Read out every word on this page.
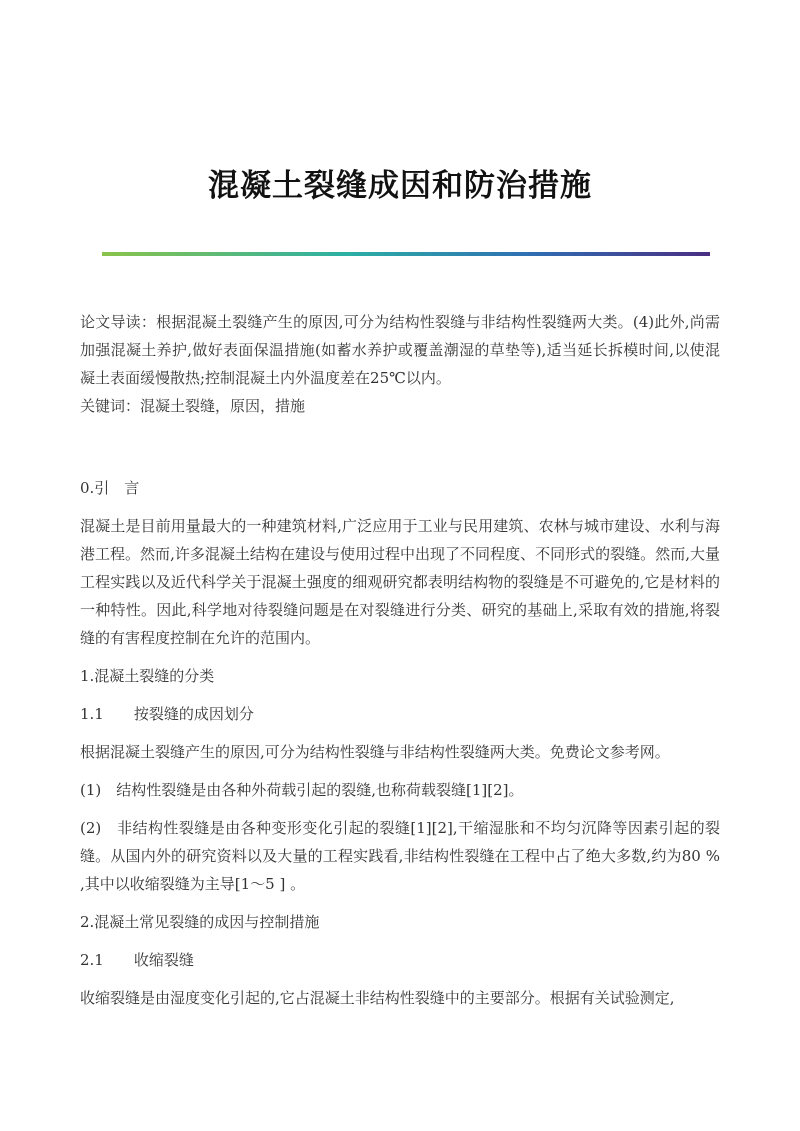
混凝土裂缝成因和防治措施

论文导读：根据混凝土裂缝产生的原因,可分为结构性裂缝与非结构性裂缝两大类。(4)此外,尚需加强混凝土养护,做好表面保温措施(如蓄水养护或覆盖潮湿的草垫等),适当延长拆模时间,以使混凝土表面缓慢散热;控制混凝土内外温度差在25℃以内。

关键词：混凝土裂缝，原因，措施

0.引　言

混凝土是目前用量最大的一种建筑材料,广泛应用于工业与民用建筑、农林与城市建设、水利与海港工程。然而,许多混凝土结构在建设与使用过程中出现了不同程度、不同形式的裂缝。然而,大量工程实践以及近代科学关于混凝土强度的细观研究都表明结构物的裂缝是不可避免的,它是材料的一种特性。因此,科学地对待裂缝问题是在对裂缝进行分类、研究的基础上,采取有效的措施,将裂缝的有害程度控制在允许的范围内。

1.混凝土裂缝的分类

1.1　　按裂缝的成因划分

根据混凝土裂缝产生的原因,可分为结构性裂缝与非结构性裂缝两大类。免费论文参考网。

(1)　结构性裂缝是由各种外荷载引起的裂缝,也称荷载裂缝[1][2]。

(2)　非结构性裂缝是由各种变形变化引起的裂缝[1][2],干缩湿胀和不均匀沉降等因素引起的裂缝。从国内外的研究资料以及大量的工程实践看,非结构性裂缝在工程中占了绝大多数,约为80 % ,其中以收缩裂缝为主导[1～5 ] 。

2.混凝土常见裂缝的成因与控制措施

2.1　　收缩裂缝

收缩裂缝是由湿度变化引起的,它占混凝土非结构性裂缝中的主要部分。根据有关试验测定,
